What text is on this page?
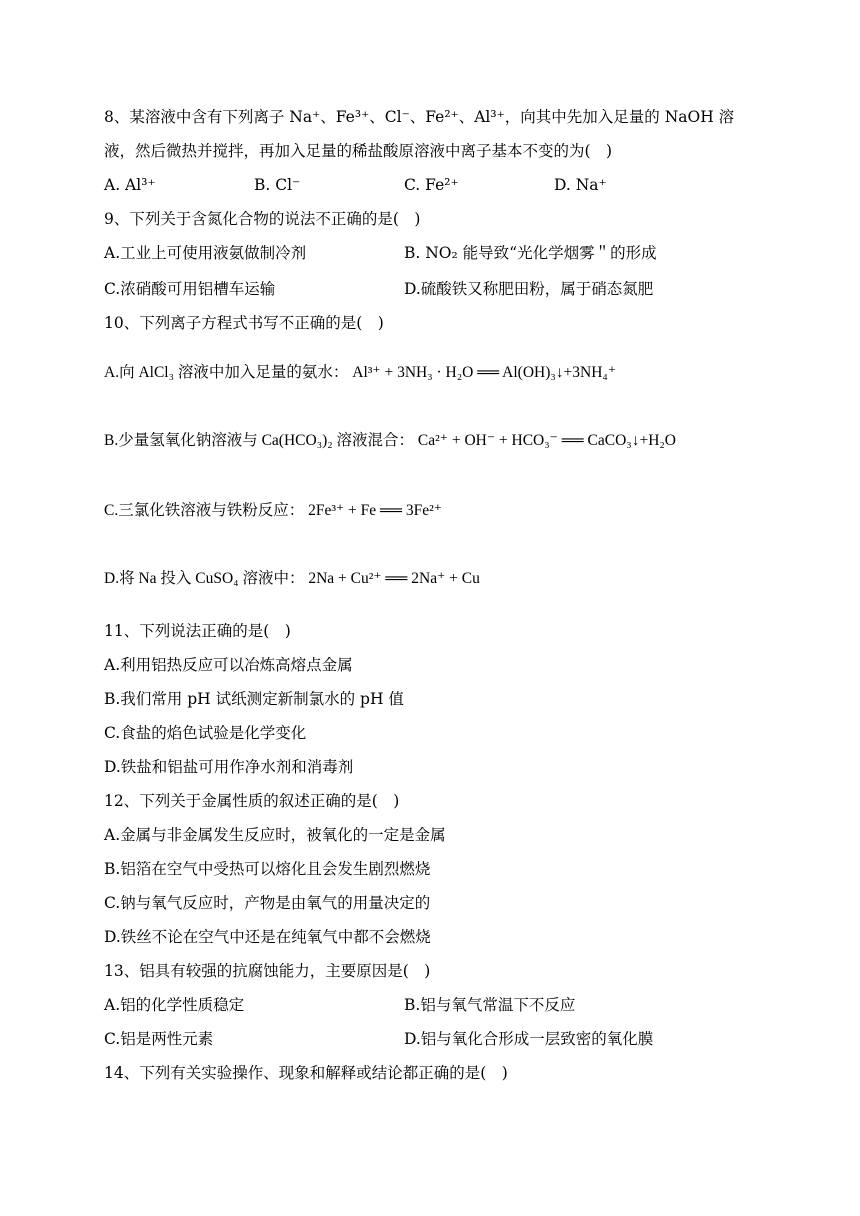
8、某溶液中含有下列离子 Na⁺、Fe³⁺、Cl⁻、Fe²⁺、Al³⁺，向其中先加入足量的 NaOH 溶
液，然后微热并搅拌，再加入足量的稀盐酸原溶液中离子基本不变的为(　)
A. Al³⁺	B. Cl⁻	C. Fe²⁺	D. Na⁺
9、下列关于含氮化合物的说法不正确的是(　)
A.工业上可使用液氨做制冷剂	B. NO₂ 能导致“光化学烟雾＂的形成
C.浓硝酸可用铝槽车运输	D.硫酸铁又称肥田粉，属于硝态氮肥
10、下列离子方程式书写不正确的是(　)
A.向 AlCl₃ 溶液中加入足量的氨水： Al³⁺ + 3NH₃ · H₂O ══ Al(OH)₃↓+3NH₄⁺
B.少量氢氧化钠溶液与 Ca(HCO₃)₂ 溶液混合： Ca²⁺ + OH⁻ + HCO₃⁻ ══ CaCO₃↓+H₂O
C.三氯化铁溶液与铁粉反应： 2Fe³⁺ + Fe ══ 3Fe²⁺
D.将 Na 投入 CuSO₄ 溶液中： 2Na + Cu²⁺ ══ 2Na⁺ + Cu
11、下列说法正确的是(　)
A.利用铝热反应可以冶炼高熔点金属
B.我们常用 pH 试纸测定新制氯水的 pH 值
C.食盐的焰色试验是化学变化
D.铁盐和铝盐可用作净水剂和消毒剂
12、下列关于金属性质的叙述正确的是(　)
A.金属与非金属发生反应时，被氧化的一定是金属
B.铝箔在空气中受热可以熔化且会发生剧烈燃烧
C.钠与氧气反应时，产物是由氧气的用量决定的
D.铁丝不论在空气中还是在纯氧气中都不会燃烧
13、铝具有较强的抗腐蚀能力，主要原因是(　)
A.铝的化学性质稳定	B.铝与氧气常温下不反应
C.铝是两性元素	D.铝与氧化合形成一层致密的氧化膜
14、下列有关实验操作、现象和解释或结论都正确的是(　)
